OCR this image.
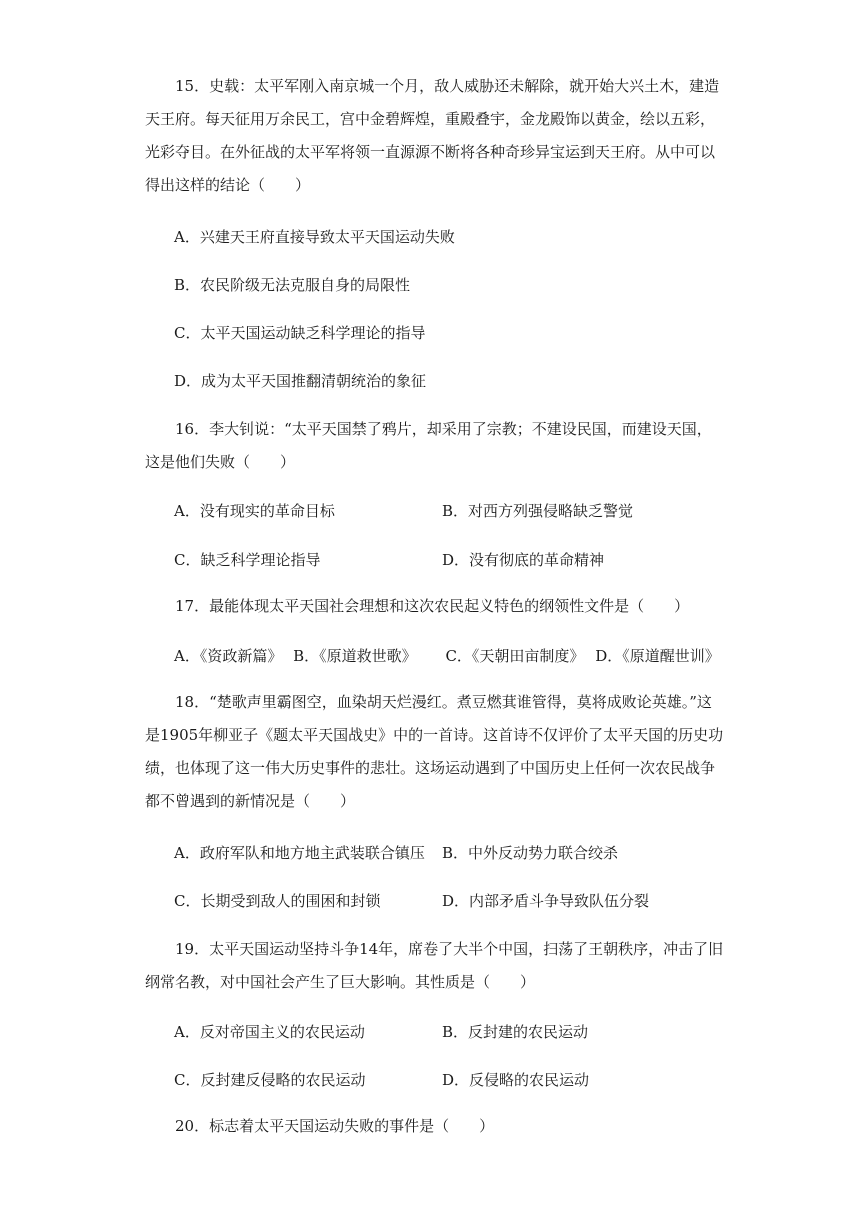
15．史载：太平军刚入南京城一个月，敌人威胁还未解除，就开始大兴土木，建造天王府。每天征用万余民工，宫中金碧辉煌，重殿叠宇，金龙殿饰以黄金，绘以五彩，光彩夺目。在外征战的太平军将领一直源源不断将各种奇珍异宝运到天王府。从中可以得出这样的结论（　　）
A．兴建天王府直接导致太平天国运动失败
B．农民阶级无法克服自身的局限性
C．太平天国运动缺乏科学理论的指导
D．成为太平天国推翻清朝统治的象征
16．李大钊说：“太平天国禁了鸦片，却采用了宗教；不建设民国，而建设天国，这是他们失败（　　）
A．没有现实的革命目标	B．对西方列强侵略缺乏警觉
C．缺乏科学理论指导	D．没有彻底的革命精神
17．最能体现太平天国社会理想和这次农民起义特色的纲领性文件是（　　）
A．《资政新篇》 B．《原道救世歌》 C．《天朝田亩制度》 D．《原道醒世训》
18．“楚歌声里霸图空，血染胡天烂漫红。煮豆燃萁谁管得，莫将成败论英雄。”这是1905年柳亚子《题太平天国战史》中的一首诗。这首诗不仅评价了太平天国的历史功绩，也体现了这一伟大历史事件的悲壮。这场运动遇到了中国历史上任何一次农民战争都不曾遇到的新情况是（　　）
A．政府军队和地方地主武装联合镇压 B．中外反动势力联合绞杀
C．长期受到敌人的围困和封锁	D．内部矛盾斗争导致队伍分裂
19．太平天国运动坚持斗争14年，席卷了大半个中国，扫荡了王朝秩序，冲击了旧纲常名教，对中国社会产生了巨大影响。其性质是（　　）
A．反对帝国主义的农民运动	B．反封建的农民运动
C．反封建反侵略的农民运动	D．反侵略的农民运动
20．标志着太平天国运动失败的事件是（　　）
